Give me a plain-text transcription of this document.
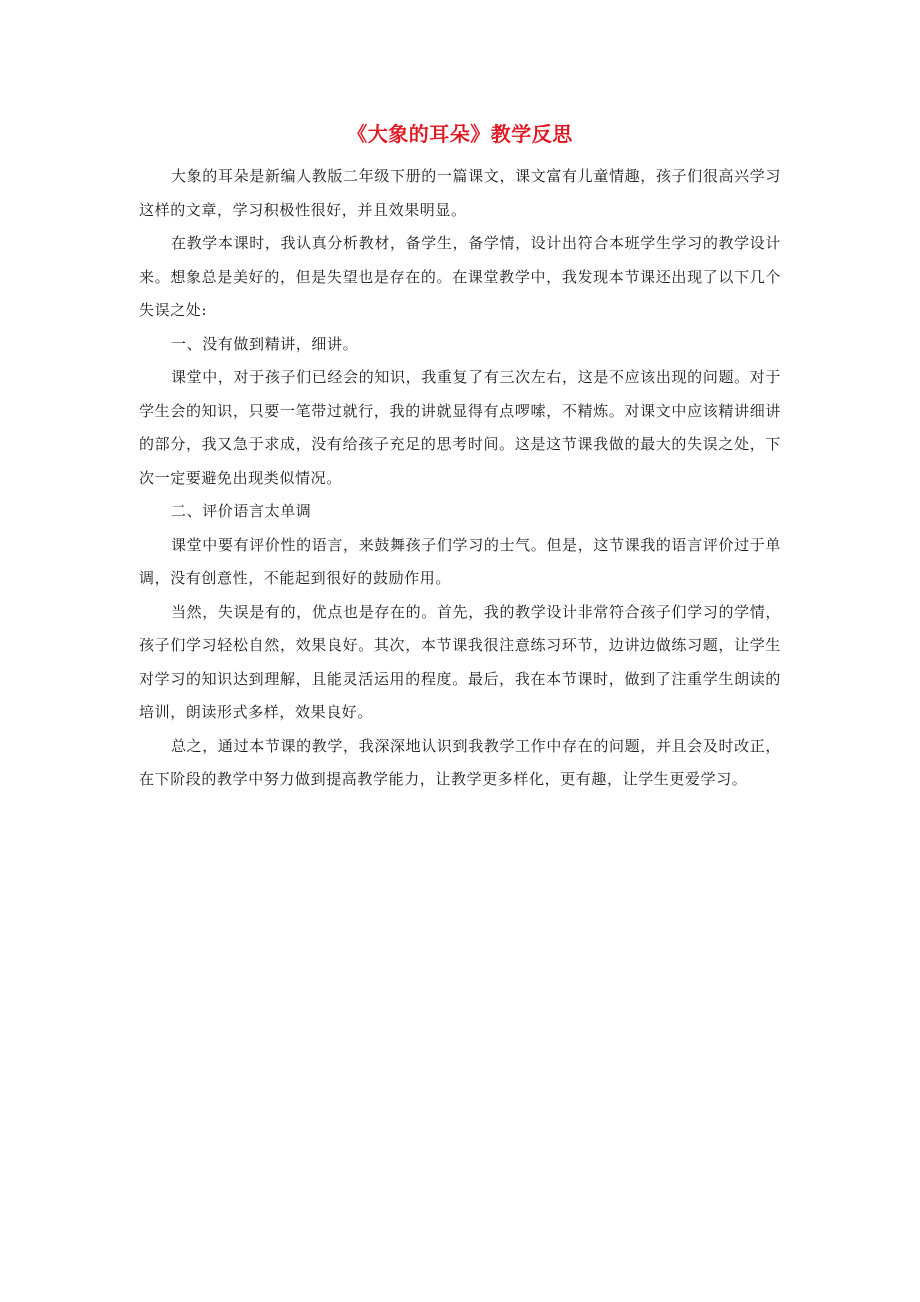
《大象的耳朵》教学反思

大象的耳朵是新编人教版二年级下册的一篇课文，课文富有儿童情趣，孩子们很高兴学习这样的文章，学习积极性很好，并且效果明显。

在教学本课时，我认真分析教材，备学生，备学情，设计出符合本班学生学习的教学设计来。想象总是美好的，但是失望也是存在的。在课堂教学中，我发现本节课还出现了以下几个失误之处:

一、没有做到精讲，细讲。

课堂中，对于孩子们已经会的知识，我重复了有三次左右，这是不应该出现的问题。对于学生会的知识，只要一笔带过就行，我的讲就显得有点啰嗦，不精炼。对课文中应该精讲细讲的部分，我又急于求成，没有给孩子充足的思考时间。这是这节课我做的最大的失误之处，下次一定要避免出现类似情况。

二、评价语言太单调

课堂中要有评价性的语言，来鼓舞孩子们学习的士气。但是，这节课我的语言评价过于单调，没有创意性，不能起到很好的鼓励作用。

当然，失误是有的，优点也是存在的。首先，我的教学设计非常符合孩子们学习的学情，孩子们学习轻松自然，效果良好。其次，本节课我很注意练习环节，边讲边做练习题，让学生对学习的知识达到理解，且能灵活运用的程度。最后，我在本节课时，做到了注重学生朗读的培训，朗读形式多样，效果良好。

总之，通过本节课的教学，我深深地认识到我教学工作中存在的问题，并且会及时改正，在下阶段的教学中努力做到提高教学能力，让教学更多样化，更有趣，让学生更爱学习。
